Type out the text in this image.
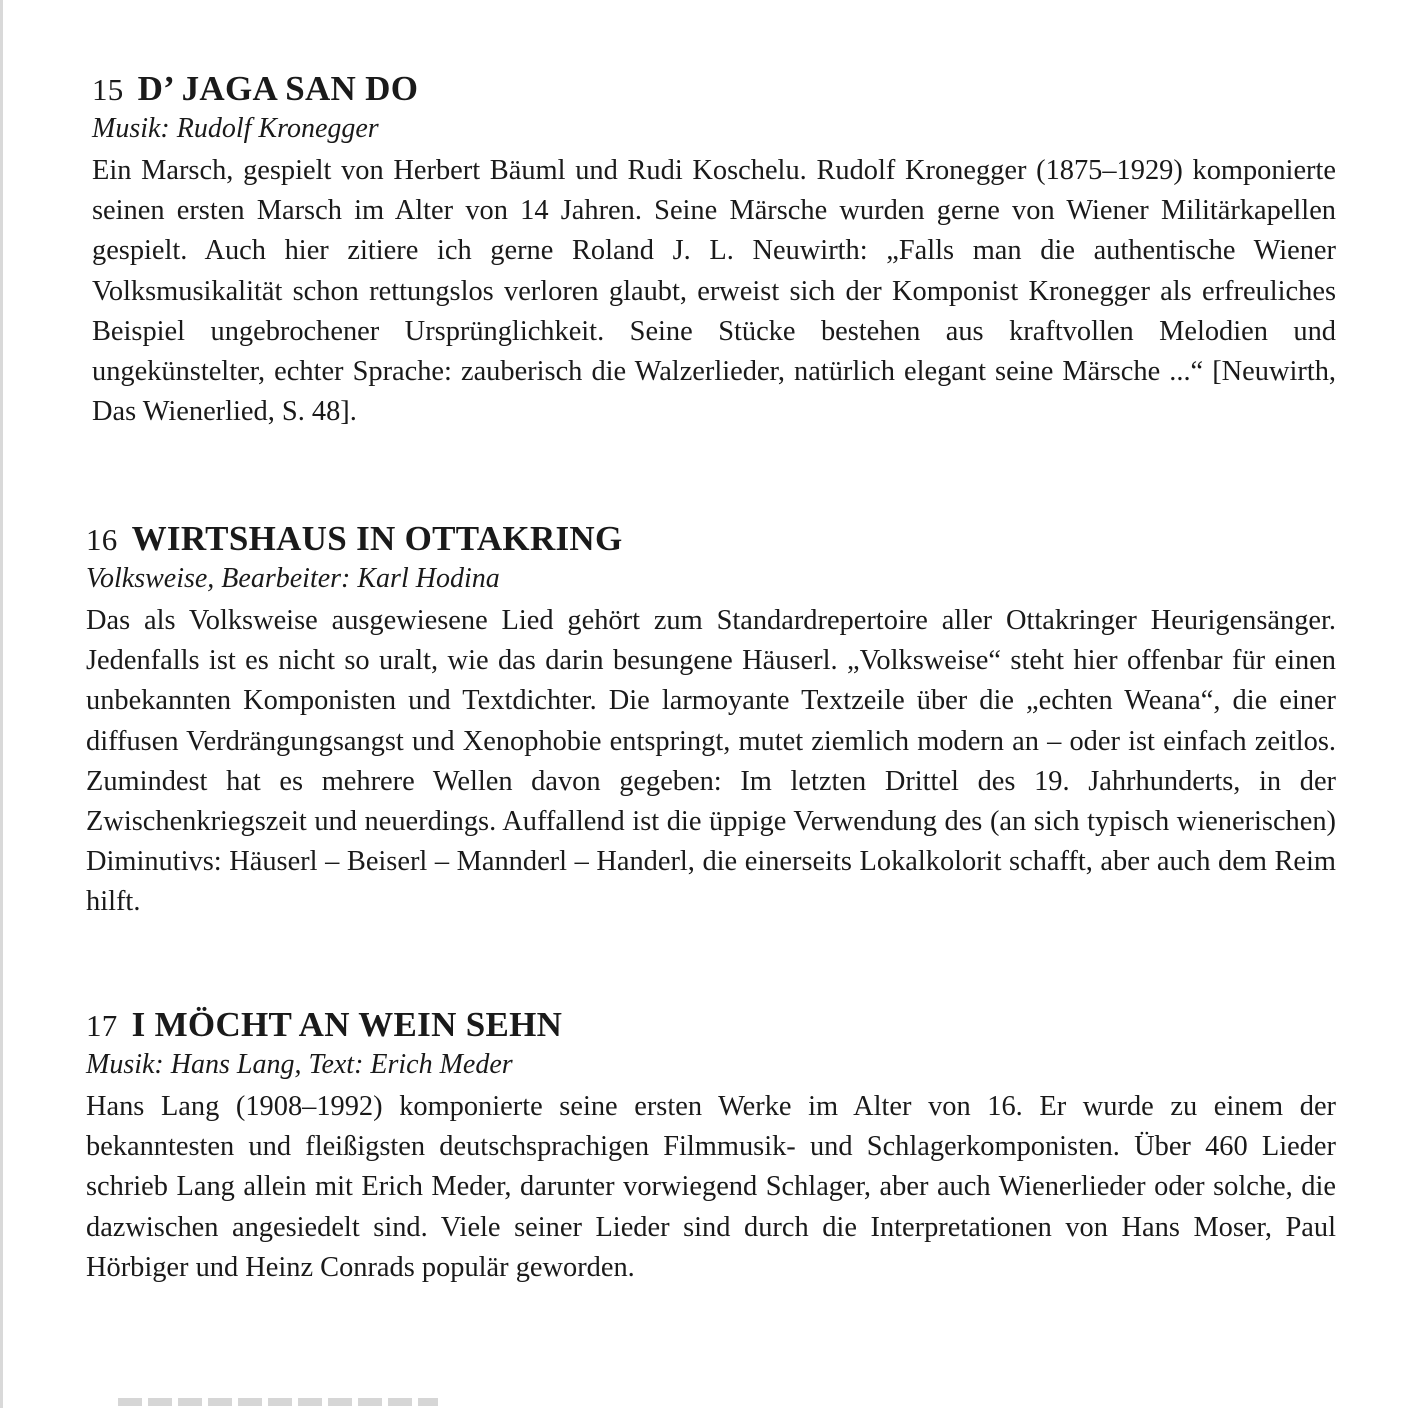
15 D’ JAGA SAN DO

Musik: Rudolf Kronegger

Ein Marsch, gespielt von Herbert Bäuml und Rudi Koschelu. Rudolf Kronegger (1875–1929) komponierte seinen ersten Marsch im Alter von 14 Jahren. Seine Märsche wurden gerne von Wiener Militärkapellen gespielt. Auch hier zitiere ich gerne Roland J. L. Neuwirth: „Falls man die authentische Wiener Volksmusikalität schon rettungslos verloren glaubt, erweist sich der Komponist Kronegger als erfreuliches Beispiel ungebrochener Ursprünglichkeit. Seine Stücke bestehen aus kraftvollen Melodien und ungekünstelter, echter Sprache: zauberisch die Walzerlieder, natürlich elegant seine Märsche ...“ [Neuwirth, Das Wienerlied, S. 48].

16 WIRTSHAUS IN OTTAKRING

Volksweise, Bearbeiter: Karl Hodina

Das als Volksweise ausgewiesene Lied gehört zum Standardrepertoire aller Ottakringer Heurigensänger. Jedenfalls ist es nicht so uralt, wie das darin besungene Häuserl. „Volksweise“ steht hier offenbar für einen unbekannten Komponisten und Textdichter. Die larmoyante Textzeile über die „echten Weana“, die einer diffusen Verdrängungsangst und Xenophobie entspringt, mutet ziemlich modern an – oder ist einfach zeitlos. Zumindest hat es mehrere Wellen davon gegeben: Im letzten Drittel des 19. Jahrhunderts, in der Zwischenkriegszeit und neuerdings. Auffallend ist die üppige Verwendung des (an sich typisch wienerischen) Diminutivs: Häuserl – Beiserl – Mannderl – Handerl, die einerseits Lokalkolorit schafft, aber auch dem Reim hilft.

17 I MÖCHT AN WEIN SEHN

Musik: Hans Lang, Text: Erich Meder

Hans Lang (1908–1992) komponierte seine ersten Werke im Alter von 16. Er wurde zu einem der bekanntesten und fleißigsten deutschsprachigen Filmmusik- und Schlagerkomponisten. Über 460 Lieder schrieb Lang allein mit Erich Meder, darunter vorwiegend Schlager, aber auch Wienerlieder oder solche, die dazwischen angesiedelt sind. Viele seiner Lieder sind durch die Interpretationen von Hans Moser, Paul Hörbiger und Heinz Conrads populär geworden.
